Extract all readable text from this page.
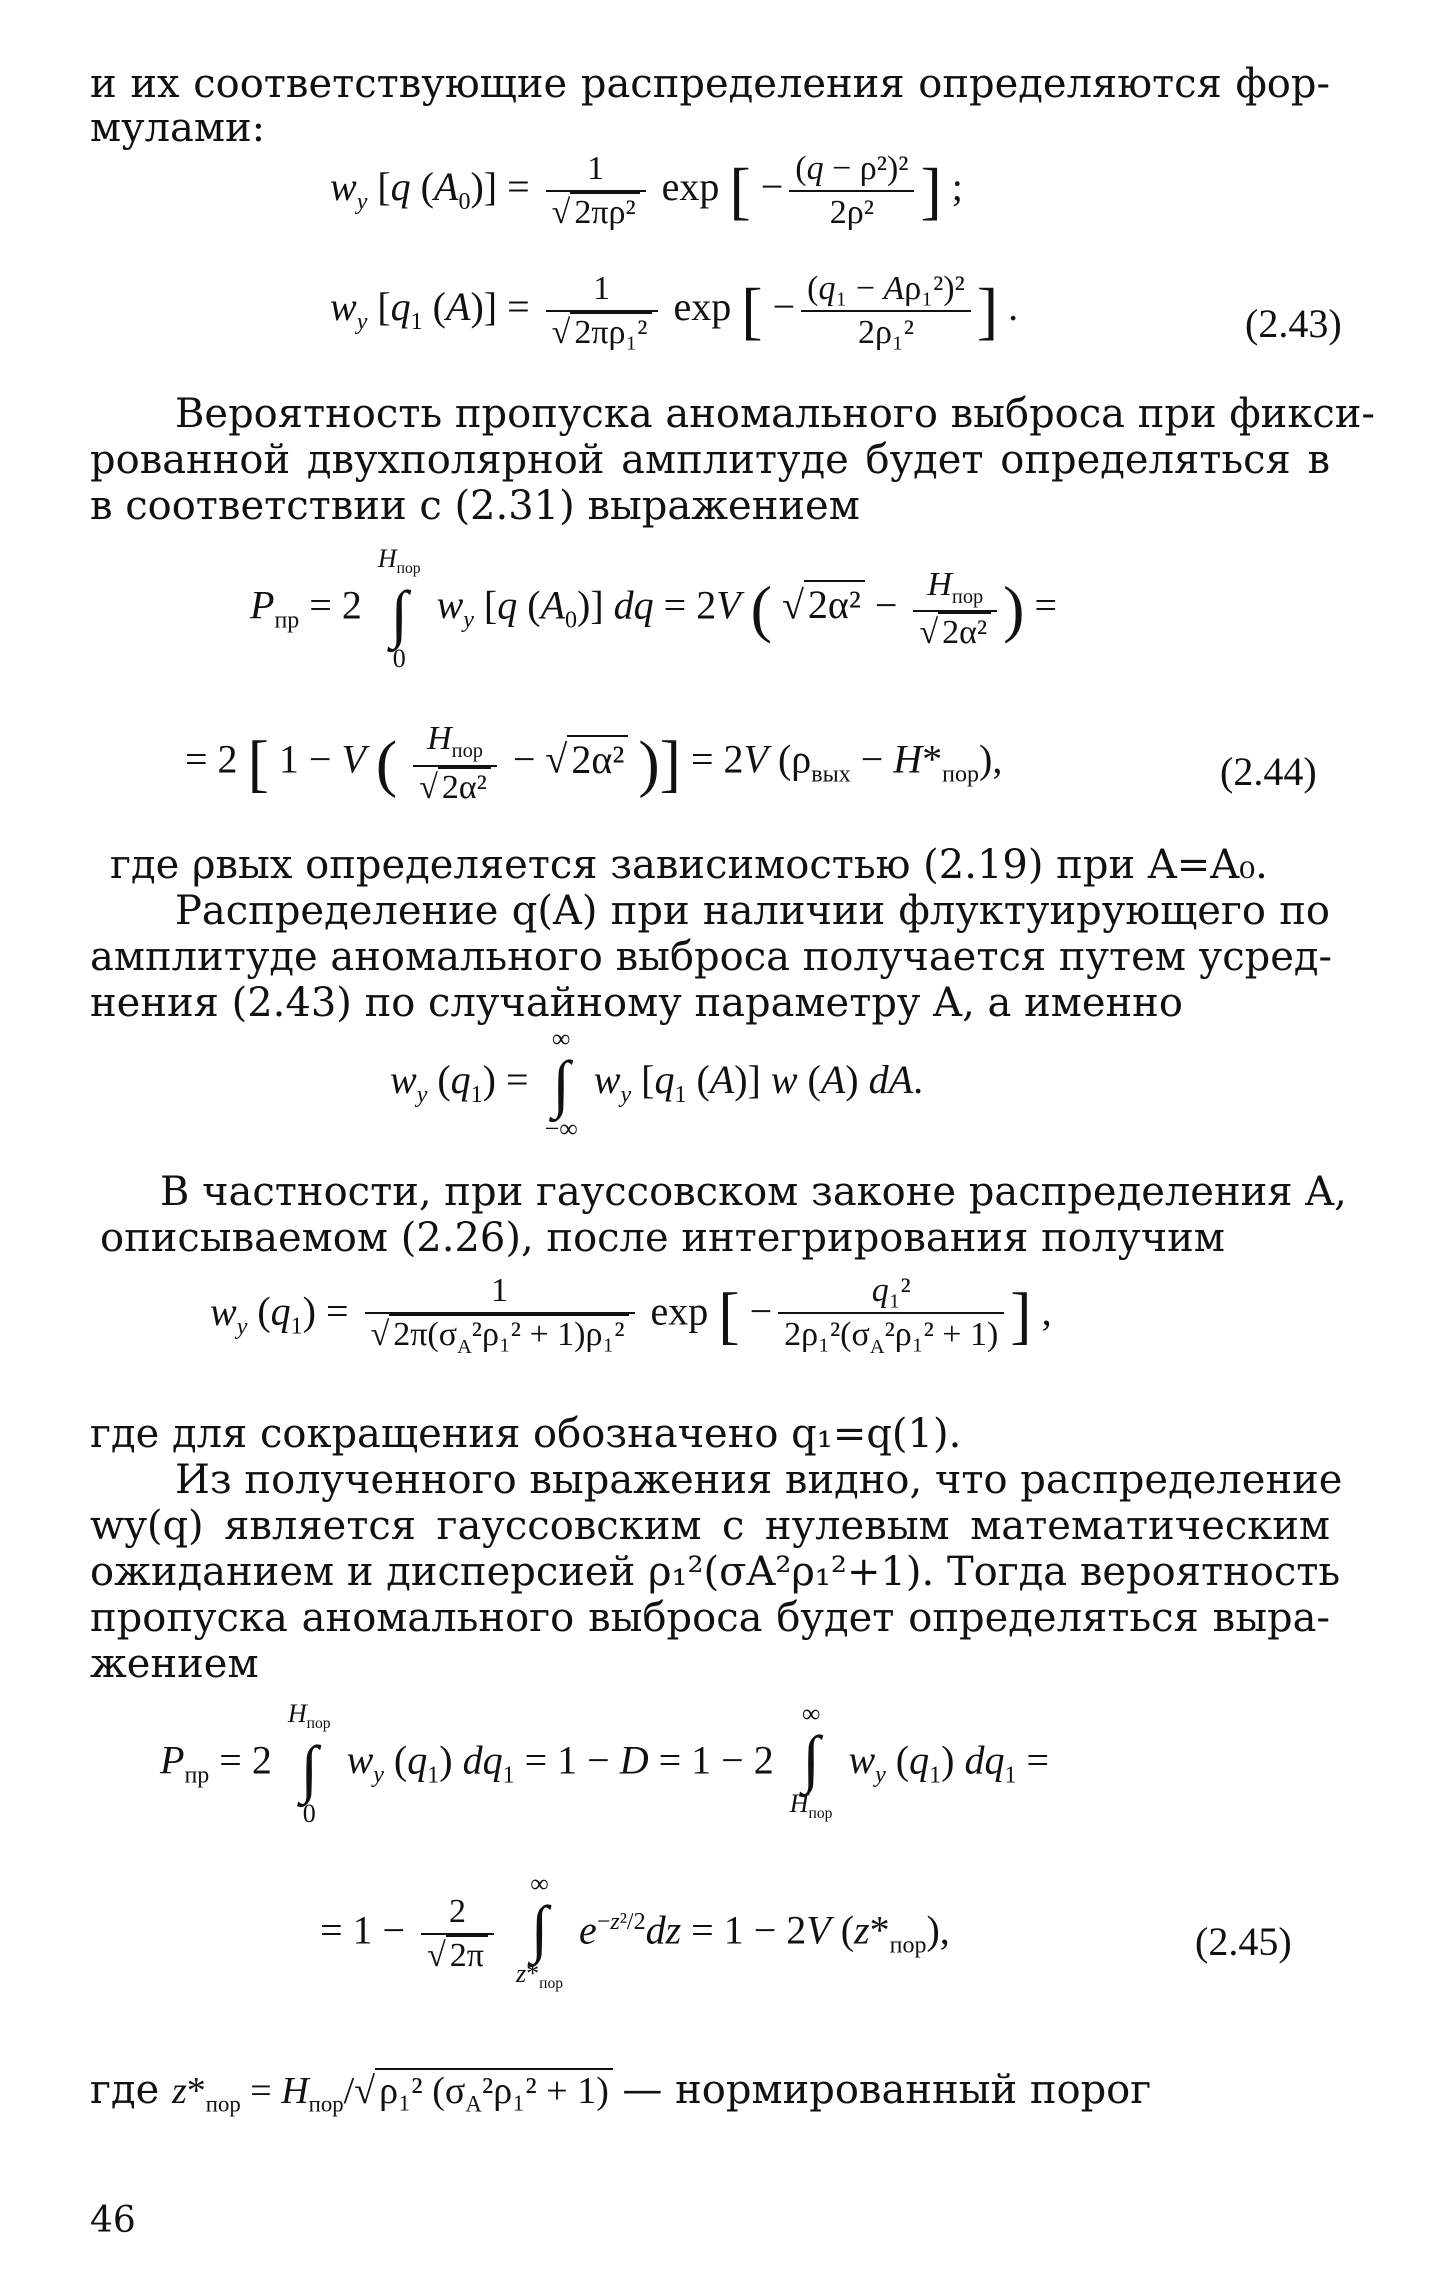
и их соответствующие распределения определяются фор-
мулами:
$w_y$ [q $(A_0)] = \frac{1}{\text{√ 2πρ²}}$ exp [ − $\frac{\text{(q − ρ²)²}}{\text{2ρ²}}$ ] ;
$w_y$ [$q_1$ $(A)] = \frac{1}{\text{√ 2πρ₁²}}$ exp [ − $\frac{\text{(q₁ − Aρ₁²)²}}{\text{2ρ₁²}}$ ] .	(2.43)
Вероятность пропуска аномального выброса при фикси-
рованной двухполярной амплитуде будет определяться в
в соответствии с (2.31) выражением
$P_{пр} = 2$ $H_{пор}$
∫
0 $w_y$ [q $(A_0)$] dq = 2V ( √ $2\alpha^2 - \frac{H_{пор}}{\text{√ 2α²}}$ ) =
= 2 [ 1 − V ( $\frac{H_{пор}}{\text{√ 2α²}}$ − √ 2α² )] = 2V $(\rho_{вых} - H*_{пор})$,	(2.44)
где ρвых определяется зависимостью (2.19) при A=A₀.
Распределение q(A) при наличии флуктуирующего по
амплитуде аномального выброса получается путем усред-
нения (2.43) по случайному параметру A, а именно
$w_y$ $(q_1)$ = ∞
∫
−∞ $w_y$ [$q_1$ (A)] w (A) dA.
В частности, при гауссовском законе распределения A,
описываемом (2.26), после интегрирования получим
$w_y$ $(q_1) = \frac{1}{√ 2\pi(\sigma_A^2\rho_1^2 + 1)\rho_1^2}$ exp [ − $\frac{\text{q₁²}}{2\rho_1^2(\sigma_A^2\rho_1^2 + 1)}$ ] ,
где для сокращения обозначено q₁=q(1).
Из полученного выражения видно, что распределение
wy(q) является гауссовским с нулевым математическим
ожиданием и дисперсией ρ₁²(σA²ρ₁²+1). Тогда вероятность
пропуска аномального выброса будет определяться выра-
жением
$P_{пр} = 2$ $H_{пор}$
∫
0 $w_y$ $(q_1) dq_1 = 1 - D = 1 - 2$ ∞
∫
$H_{пор}$ $w_y$ $(q_1) dq_1$ =
= $1 - \frac{2}{√ 2\pi}$
∞
∫
$z*_{пор}$ $e^{-z^2/2}dz = 1 - 2V$ $(z*_{пор})$,	(2.45)
где $z*_{пор} = H_{пор}/√$ ρ₁² $(\sigma_A^2\rho_1^2 + 1)$ — нормированный порог
46
